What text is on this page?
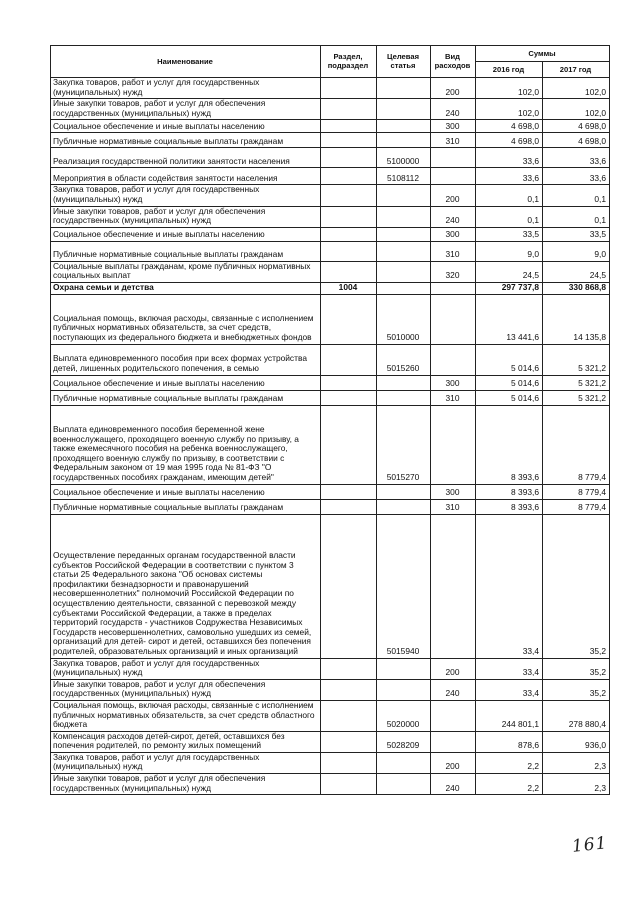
Наименование	Раздел, подраздел	Целевая статья	Вид расходов	Суммы	
				2016 год	2017 год
Закупка товаров, работ и услуг для государственных (муниципальных) нужд			200	102,0	102,0
Иные закупки товаров, работ и услуг для обеспечения государственных (муниципальных) нужд			240	102,0	102,0
Социальное обеспечение и иные выплаты населению			300	4 698,0	4 698,0
Публичные нормативные социальные выплаты гражданам			310	4 698,0	4 698,0
Реализация государственной политики занятости населения		5100000		33,6	33,6
Мероприятия в области содействия занятости населения		5108112		33,6	33,6
Закупка товаров, работ и услуг для государственных (муниципальных) нужд			200	0,1	0,1
Иные закупки товаров, работ и услуг для обеспечения государственных (муниципальных) нужд			240	0,1	0,1
Социальное обеспечение и иные выплаты населению			300	33,5	33,5
Публичные нормативные социальные выплаты гражданам			310	9,0	9,0
Социальные выплаты гражданам, кроме публичных нормативных социальных выплат			320	24,5	24,5
Охрана семьи и детства	1004			297 737,8	330 868,8
Социальная помощь, включая расходы, связанные с исполнением публичных нормативных обязательств, за счет средств, поступающих из федерального бюджета и внебюджетных фондов		5010000		13 441,6	14 135,8
Выплата единовременного пособия при всех формах устройства детей, лишенных родительского попечения, в семью		5015260		5 014,6	5 321,2
Социальное обеспечение и иные выплаты населению			300	5 014,6	5 321,2
Публичные нормативные социальные выплаты гражданам			310	5 014,6	5 321,2
Выплата единовременного пособия беременной жене военнослужащего, проходящего военную службу по призыву, а также ежемесячного пособия на ребенка военнослужащего, проходящего военную службу по призыву, в соответствии с Федеральным законом от 19 мая 1995 года № 81-ФЗ "О государственных пособиях гражданам, имеющим детей"		5015270		8 393,6	8 779,4
Социальное обеспечение и иные выплаты населению			300	8 393,6	8 779,4
Публичные нормативные социальные выплаты гражданам			310	8 393,6	8 779,4
Осуществление переданных органам государственной власти субъектов Российской Федерации в соответствии с пунктом 3 статьи 25 Федерального закона "Об основах системы профилактики безнадзорности и правонарушений несовершеннолетних" полномочий Российской Федерации по осуществлению деятельности, связанной с перевозкой между субъектами Российской Федерации, а также в пределах территорий государств - участников Содружества Независимых Государств несовершеннолетних, самовольно ушедших из семей, организаций для детей- сирот и детей, оставшихся без попечения родителей, образовательных организаций и иных организаций		5015940		33,4	35,2
Закупка товаров, работ и услуг для государственных (муниципальных) нужд			200	33,4	35,2
Иные закупки товаров, работ и услуг для обеспечения государственных (муниципальных) нужд			240	33,4	35,2
Социальная помощь, включая расходы, связанные с исполнением публичных нормативных обязательств, за счет средств областного бюджета		5020000		244 801,1	278 880,4
Компенсация расходов детей-сирот, детей, оставшихся без попечения родителей, по ремонту жилых помещений		5028209		878,6	936,0
Закупка товаров, работ и услуг для государственных (муниципальных) нужд			200	2,2	2,3
Иные закупки товаров, работ и услуг для обеспечения государственных (муниципальных) нужд			240	2,2	2,3
161
